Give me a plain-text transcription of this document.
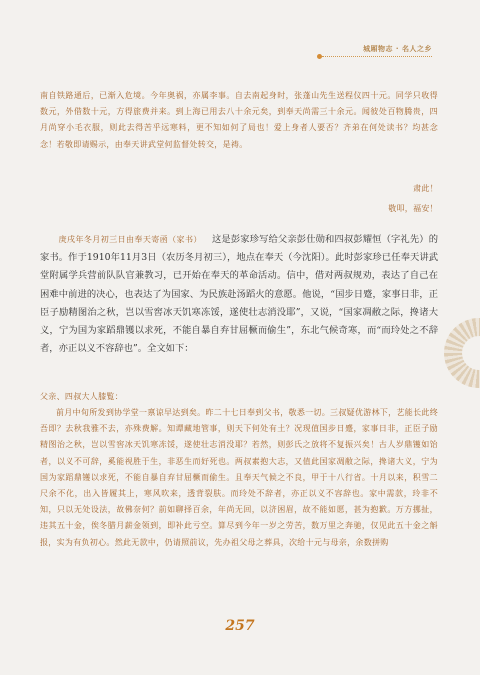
城厢物志 · 名人之乡

南自铁路通后，已渐入危境。今年奥祸，亦属李事。自去南起身时，张蓬山先生送程仪四十元。同学只收得数元，外借数十元，方得旅费并来。到上海已用去八十余元矣，到奉天尚需三十余元。闻彼处百物腾贵，四月尚穿小毛衣服，则此去得苦乎远寒料，更不知如何了局也！爱上身者人要否？齐弟在何处读书？均甚念念！若敬即请赐示，由奉天讲武堂何监督处转交，是祷。

肃此！

敬叩，福安！

庚戌年冬月初三日由奉天寄函（家书） 这是彭家珍写给父亲彭仕勋和四叔彭耀恒（字礼先）的家书。作于1910年11月3日（农历冬月初三），地点在奉天（今沈阳）。此时彭家珍已任奉天讲武堂附属学兵营前队队官兼教习，已开始在奉天的革命活动。信中，借对两叔规劝，表达了自己在困难中前进的决心，也表达了为国家、为民族赴汤蹈火的意愿。他说，“国步日蹙，家事日非，正臣子励精图治之秋，岂以雪窖冰天饥寒冻馁，遂使壮志消没耶”，又说，“国家凋敝之际，搀诸大义，宁为国为家蹈鼎镬以求死，不能自暴自弃甘屈橛而偷生”，东北气候奇寒，而“而玲处之不辞者，亦正以义不容辞也”。全文如下：

父亲、四叔大人膝覧：

前月中旬所发到协学堂一禀谅早达到矣。昨二十七日奉到父书，敬悉一切。三叔疑优游林下，艺能长此终吾即？去秋我雅不去，亦殊费解。知谭藏地管事，则天下何处有土？况现值国步日蹙，家事日非，正臣子励精图治之秋，岂以雪窖冰天饥寒冻馁，遂使壮志消没耶？若然，则彭氏之放将不复振兴矣！古人岁鼎镬如饴者，以义不可辞，奚能视胜于生，非恶生而好死也。两叔素抱大志，又值此国家凋敝之际，搀诸大义，宁为国为家蹈鼎镬以求死，不能自暴自弃甘屈橛而偷生。且奉天气候之不良，甲于十八行省。十月以来，积雪二尺余不化，出入皆履其上，寒风吹来，透背裂肤。而玲处不辞者，亦正以义不容辞也。家中需款，玲非不知，只以无处设法，故佛奈何？前如聊择百余，年尚无回，以济困眉，故不能如愿，甚为抱歉。万方挪扯，违其五十金，俟冬腊月薪金领到，即补此亏空。算尽到今年一岁之劳苦，数万里之奔驰，仅见此五十金之斛报，实为有负初心。然此无款中，仍请照前议，先办祖父母之葬具，次给十元与母亲，余数拼购

257
